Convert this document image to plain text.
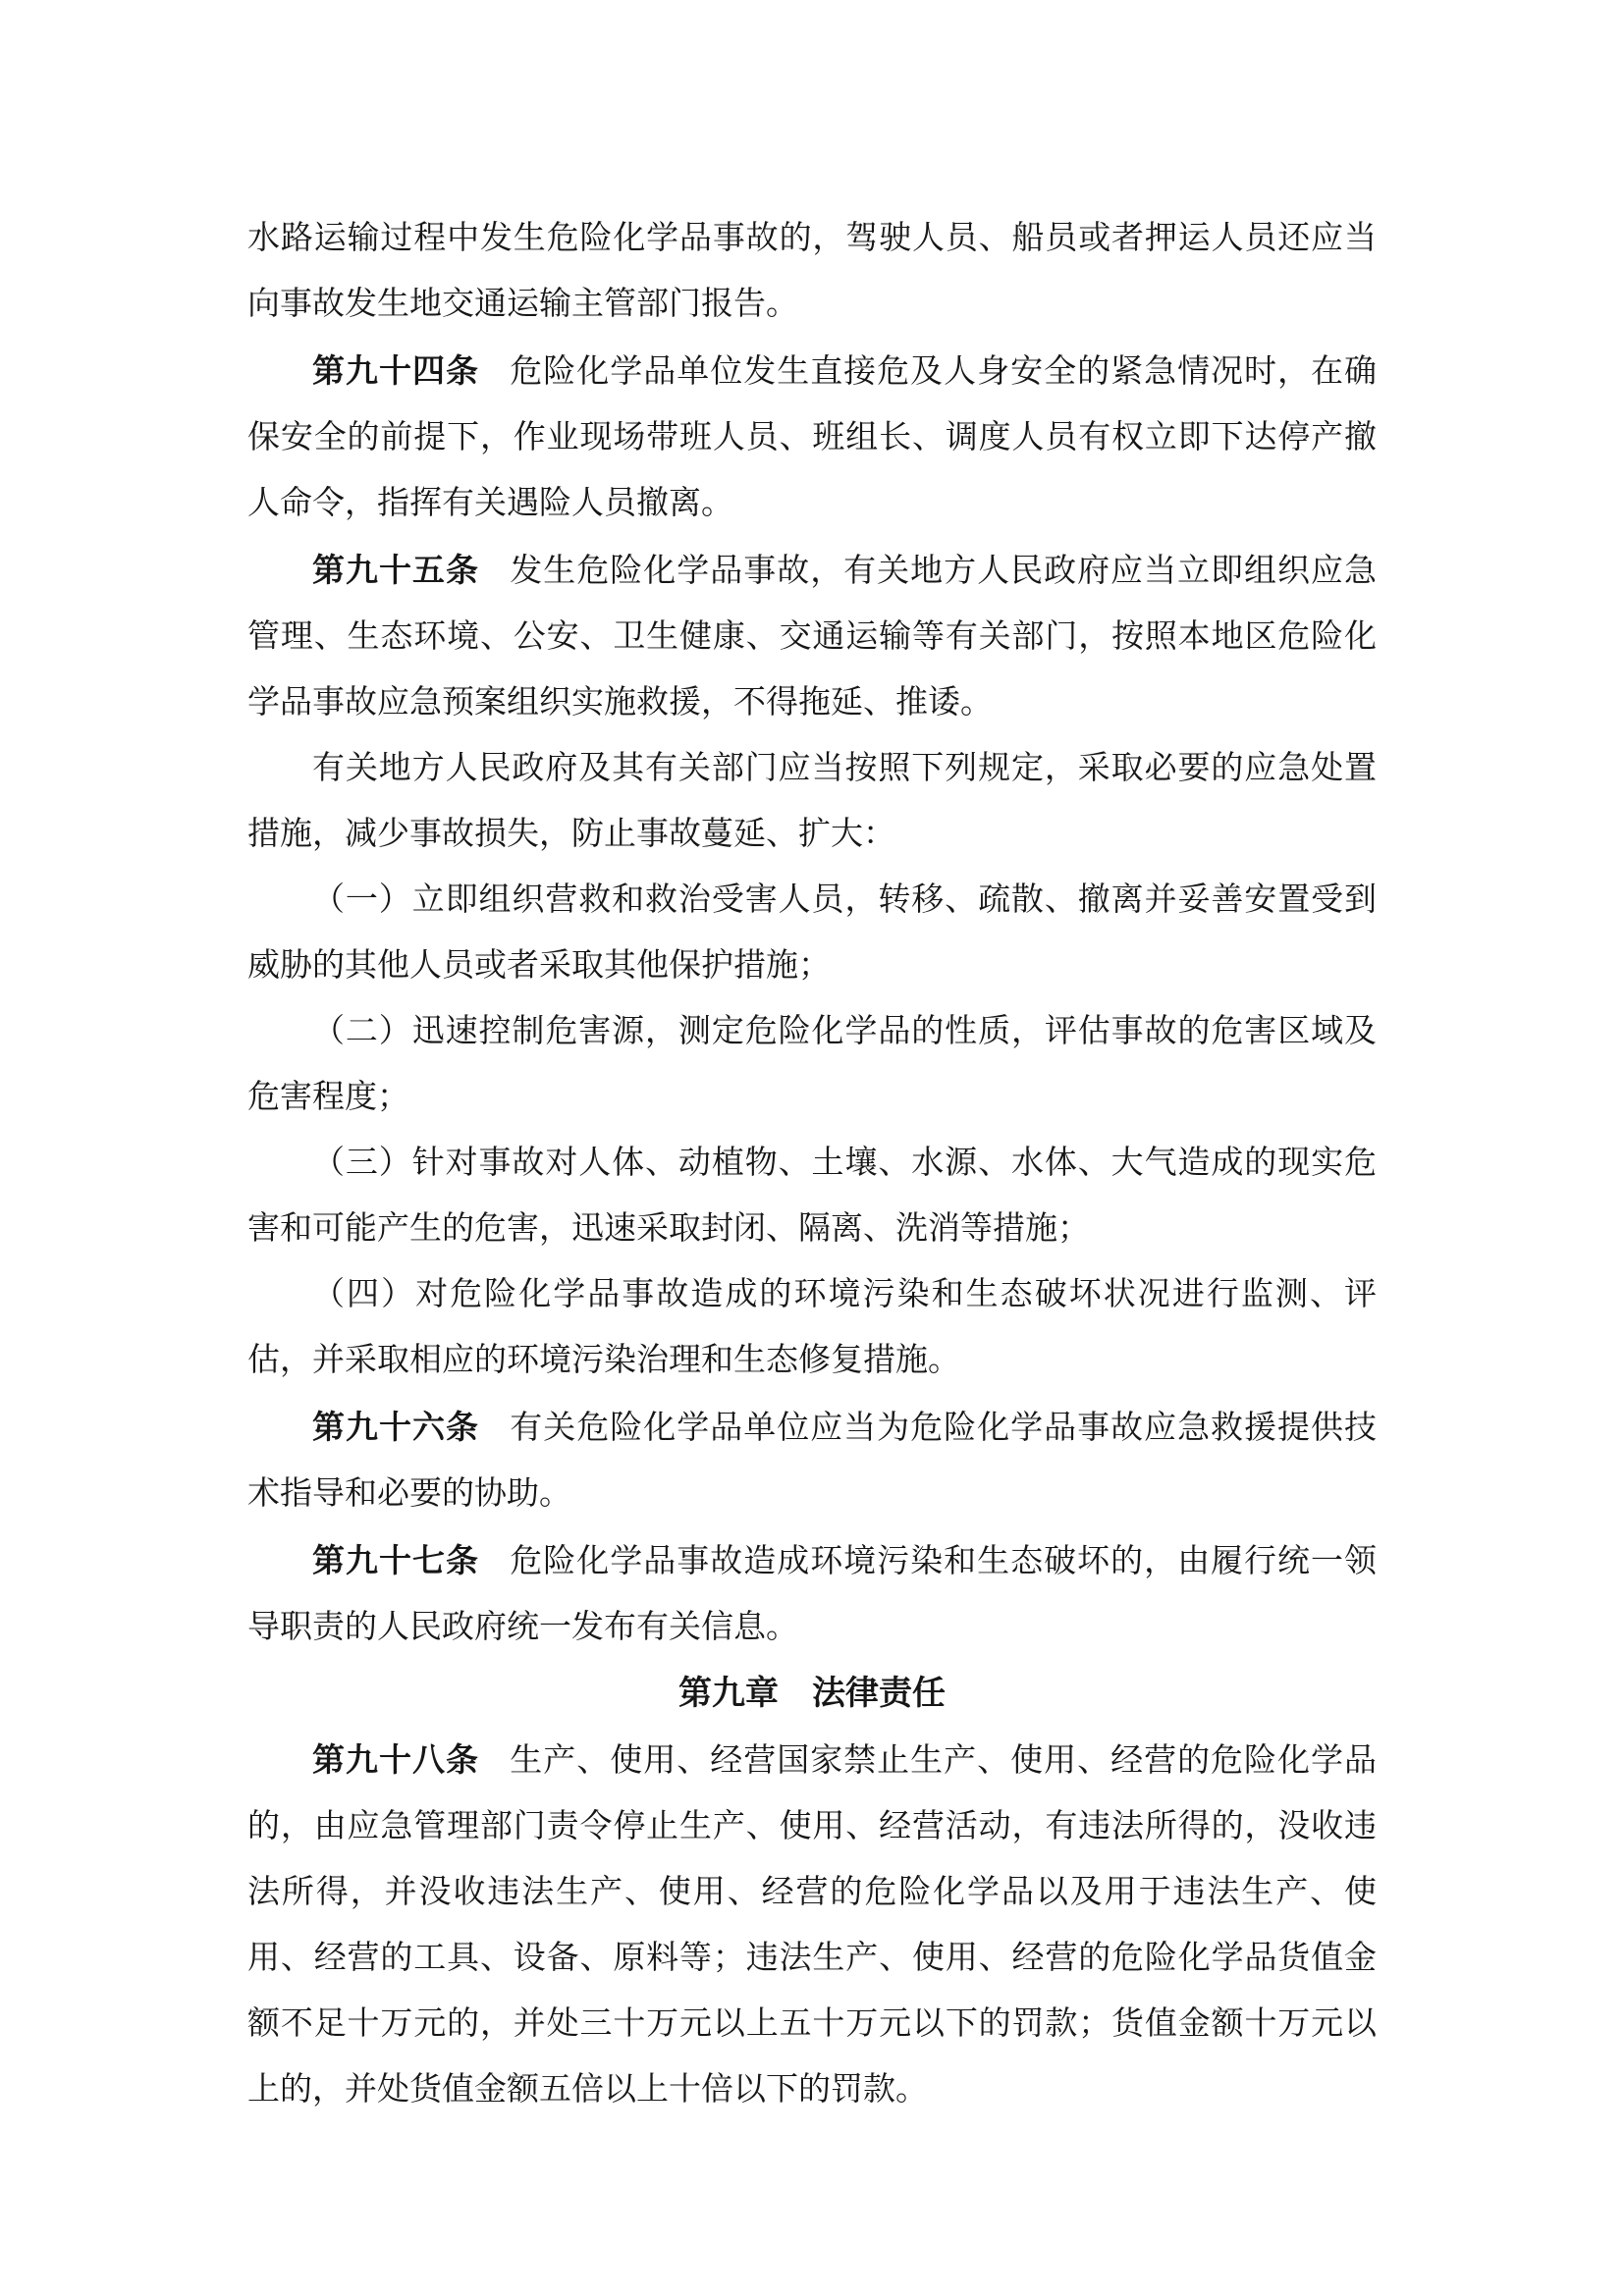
水路运输过程中发生危险化学品事故的，驾驶人员、船员或者押运人员还应当向事故发生地交通运输主管部门报告。
第九十四条 危险化学品单位发生直接危及人身安全的紧急情况时，在确保安全的前提下，作业现场带班人员、班组长、调度人员有权立即下达停产撤人命令，指挥有关遇险人员撤离。
第九十五条 发生危险化学品事故，有关地方人民政府应当立即组织应急管理、生态环境、公安、卫生健康、交通运输等有关部门，按照本地区危险化学品事故应急预案组织实施救援，不得拖延、推诿。
有关地方人民政府及其有关部门应当按照下列规定，采取必要的应急处置措施，减少事故损失，防止事故蔓延、扩大：
（一）立即组织营救和救治受害人员，转移、疏散、撤离并妥善安置受到威胁的其他人员或者采取其他保护措施；
（二）迅速控制危害源，测定危险化学品的性质，评估事故的危害区域及危害程度；
（三）针对事故对人体、动植物、土壤、水源、水体、大气造成的现实危害和可能产生的危害，迅速采取封闭、隔离、洗消等措施；
（四）对危险化学品事故造成的环境污染和生态破坏状况进行监测、评估，并采取相应的环境污染治理和生态修复措施。
第九十六条 有关危险化学品单位应当为危险化学品事故应急救援提供技术指导和必要的协助。
第九十七条 危险化学品事故造成环境污染和生态破坏的，由履行统一领导职责的人民政府统一发布有关信息。
第九章　法律责任
第九十八条 生产、使用、经营国家禁止生产、使用、经营的危险化学品的，由应急管理部门责令停止生产、使用、经营活动，有违法所得的，没收违法所得，并没收违法生产、使用、经营的危险化学品以及用于违法生产、使用、经营的工具、设备、原料等；违法生产、使用、经营的危险化学品货值金额不足十万元的，并处三十万元以上五十万元以下的罚款；货值金额十万元以上的，并处货值金额五倍以上十倍以下的罚款。
